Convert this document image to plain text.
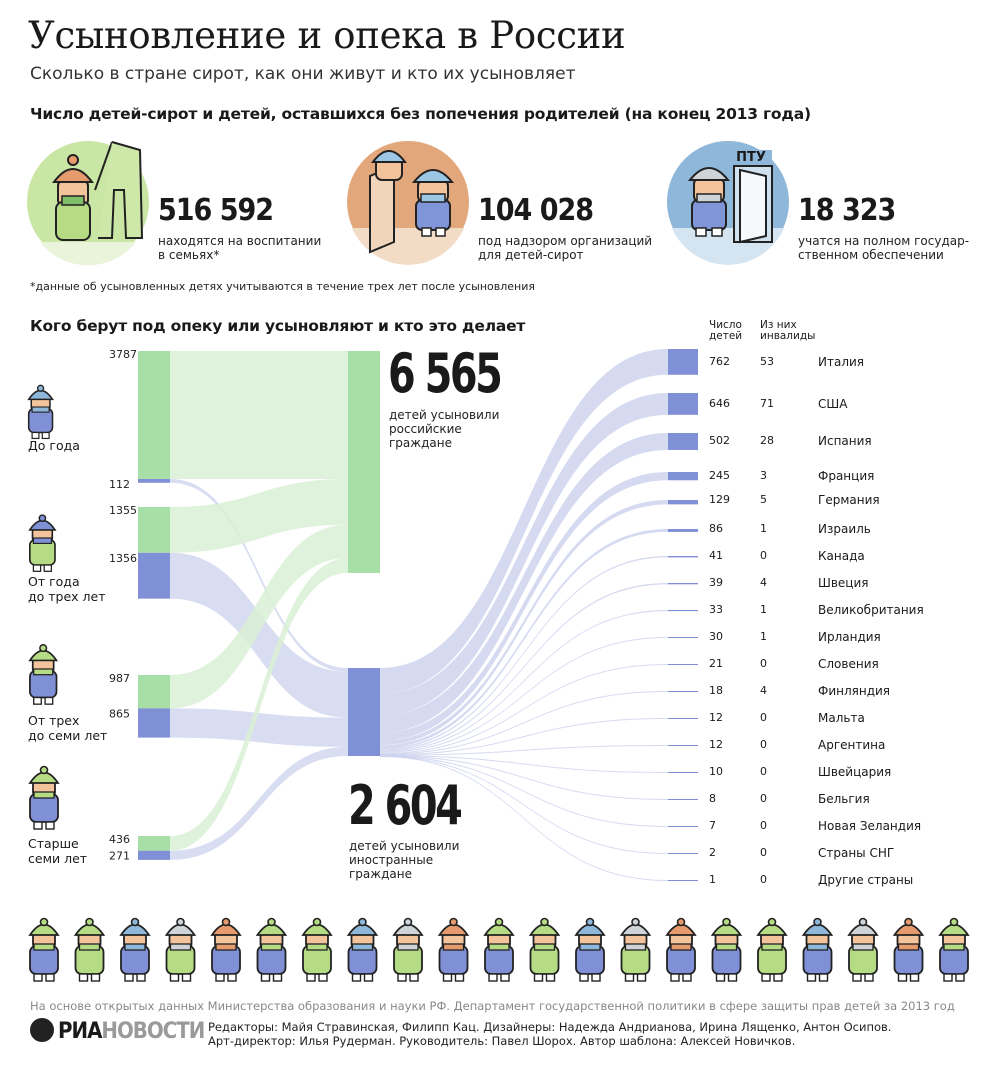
Усыновление и опека в России
Сколько в стране сирот, как они живут и кто их усыновляет
Число детей-сирот и детей, оставшихся без попечения родителей (на конец 2013 года)
ПТУ
516 592
находятся на воспитании
в семьях*
104 028
под надзором организаций
для детей-сирот
18 323
учатся на полном государ-
ственном обеспечении
*данные об усыновленных детях учитываются в течение трех лет после усыновления
Кого берут под опеку или усыновляют и кто это делает
3787
112
1355
1356
987
865
436
271
До года
От года
до трех лет
От трех
до семи лет
Старше
семи лет
6 565
детей усыновили
российские
граждане
2 604
детей усыновили
иностранные
граждане
Число
детей
Из них
инвалиды
762	53	Италия
646	71	США
502	28	Испания
245	3	Франция
129	5	Германия
86	1	Израиль
41	0	Канада
39	4	Швеция
33	1	Великобритания
30	1	Ирландия
21	0	Словения
18	4	Финляндия
12	0	Мальта
12	0	Аргентина
10	0	Швейцария
8	0	Бельгия
7	0	Новая Зеландия
2	0	Страны СНГ
1	0	Другие страны
На основе открытых данных Министерства образования и науки РФ. Департамент государственной политики в сфере защиты прав детей за 2013 год
РИАНОВОСТИ Редакторы: Майя Стравинская, Филипп Кац. Дизайнеры: Надежда Андрианова, Ирина Лященко, Антон Осипов.
Арт-директор: Илья Рудерман. Руководитель: Павел Шорох. Автор шаблона: Алексей Новичков.
